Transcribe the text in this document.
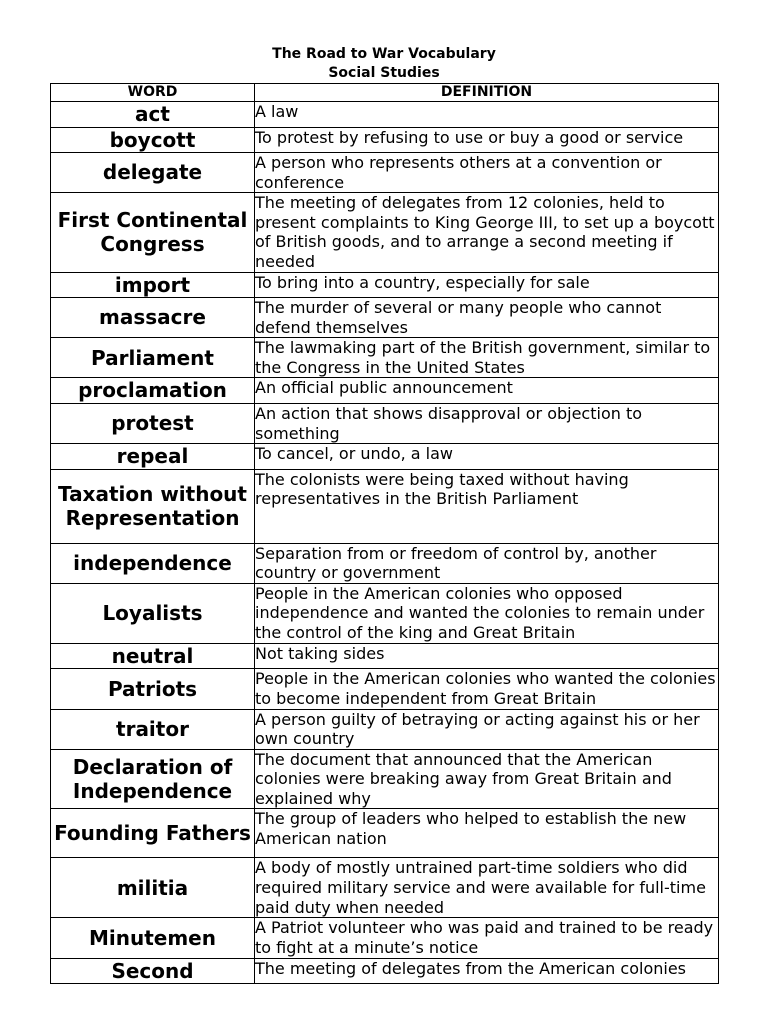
The Road to War Vocabulary
Social Studies
WORD	DEFINITION
act	A law
boycott	To protest by refusing to use or buy a good or service
delegate	A person who represents others at a convention or conference
First Continental Congress	The meeting of delegates from 12 colonies, held to present complaints to King George III, to set up a boycott of British goods, and to arrange a second meeting if needed
import	To bring into a country, especially for sale
massacre	The murder of several or many people who cannot defend themselves
Parliament	The lawmaking part of the British government, similar to the Congress in the United States
proclamation	An official public announcement
protest	An action that shows disapproval or objection to something
repeal	To cancel, or undo, a law
Taxation without Representation	The colonists were being taxed without having representatives in the British Parliament
independence	Separation from or freedom of control by, another country or government
Loyalists	People in the American colonies who opposed independence and wanted the colonies to remain under the control of the king and Great Britain
neutral	Not taking sides
Patriots	People in the American colonies who wanted the colonies to become independent from Great Britain
traitor	A person guilty of betraying or acting against his or her own country
Declaration of Independence	The document that announced that the American colonies were breaking away from Great Britain and explained why
Founding Fathers	The group of leaders who helped to establish the new American nation
militia	A body of mostly untrained part-time soldiers who did required military service and were available for full-time paid duty when needed
Minutemen	A Patriot volunteer who was paid and trained to be ready to fight at a minute’s notice
Second	The meeting of delegates from the American colonies
